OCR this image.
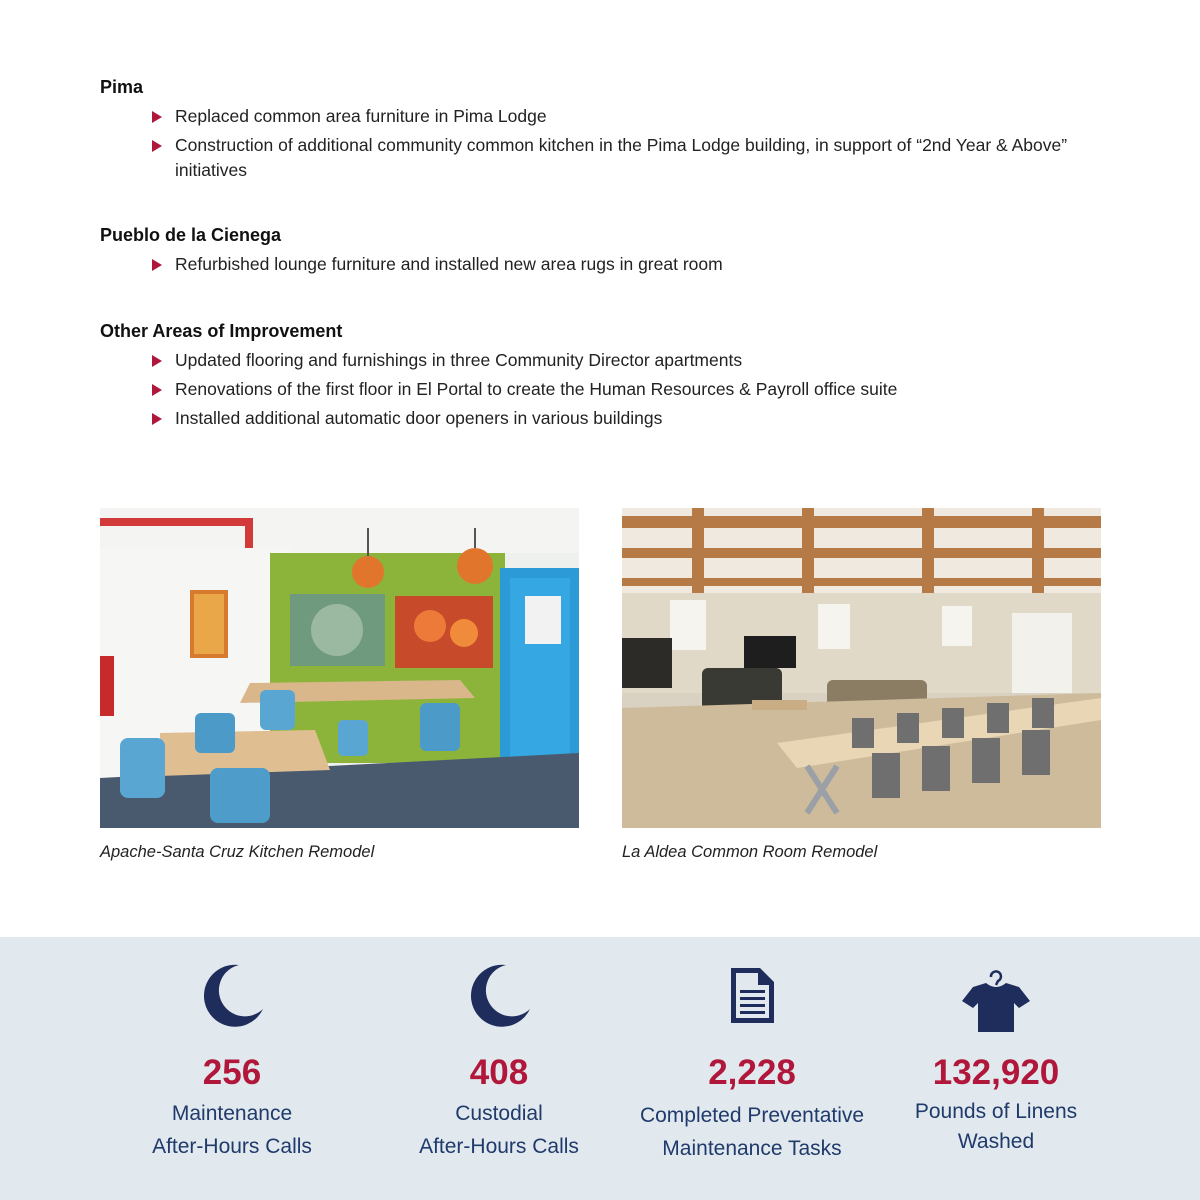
Pima
Replaced common area furniture in Pima Lodge
Construction of additional community common kitchen in the Pima Lodge building, in support of “2nd Year & Above” initiatives
Pueblo de la Cienega
Refurbished lounge furniture and installed new area rugs in great room
Other Areas of Improvement
Updated flooring and furnishings in three Community Director apartments
Renovations of the first floor in El Portal to create the Human Resources & Payroll office suite
Installed additional automatic door openers in various buildings
Apache-Santa Cruz Kitchen Remodel	La Aldea Common Room Remodel
256
Maintenance
After-Hours Calls
408
Custodial
After-Hours Calls
2,228
Completed Preventative
Maintenance Tasks
132,920
Pounds of Linens
Washed
